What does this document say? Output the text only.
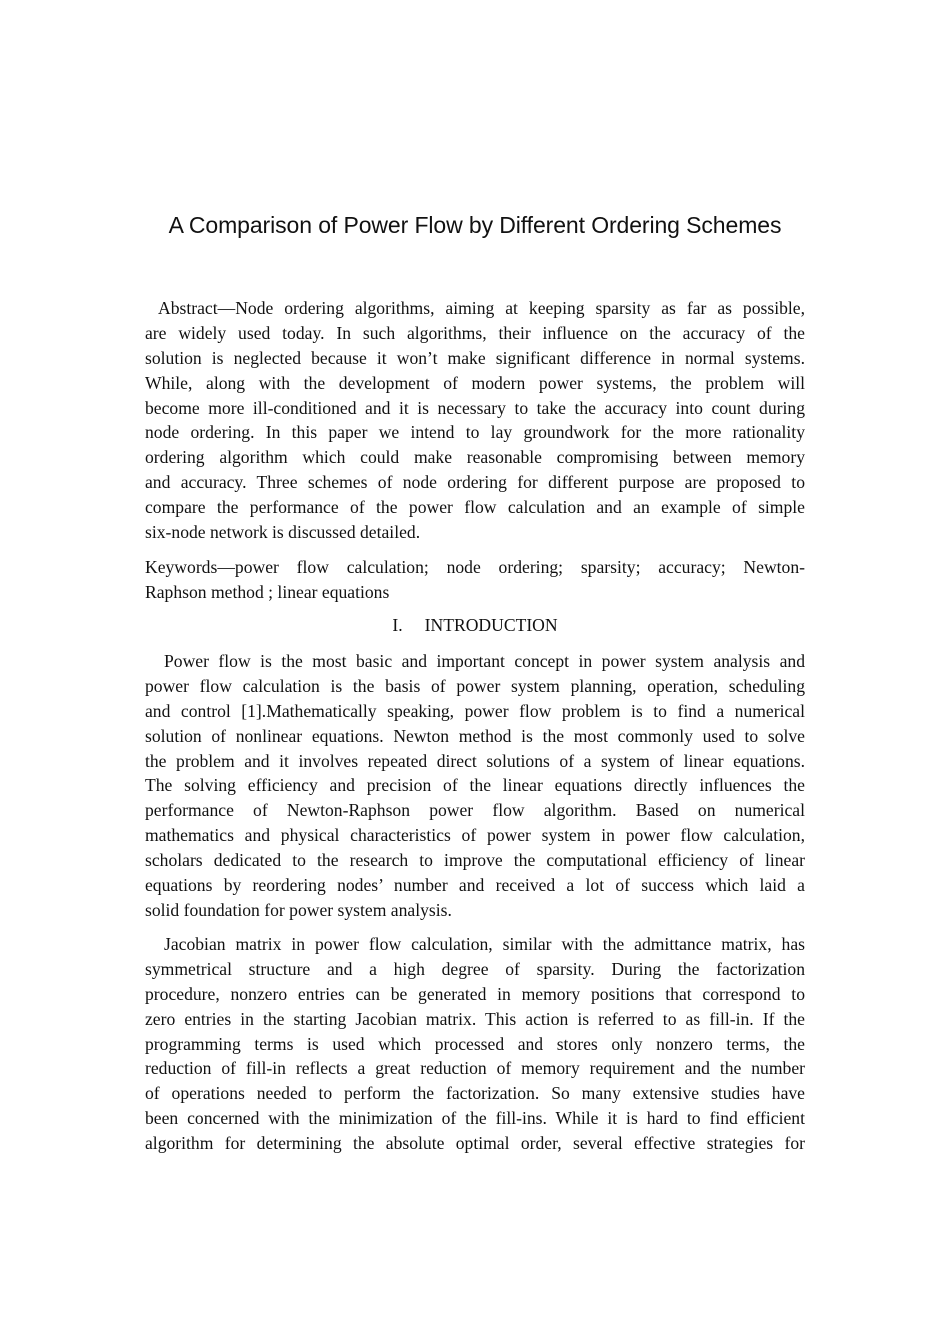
A Comparison of Power Flow by Different Ordering Schemes
Abstract—Node ordering algorithms, aiming at keeping sparsity as far as possible,
are widely used today. In such algorithms, their influence on the accuracy of the
solution is neglected because it won’t make significant difference in normal systems.
While, along with the development of modern power systems, the problem will
become more ill-conditioned and it is necessary to take the accuracy into count during
node ordering. In this paper we intend to lay groundwork for the more rationality
ordering algorithm which could make reasonable compromising between memory
and accuracy. Three schemes of node ordering for different purpose are proposed to
compare the performance of the power flow calculation and an example of simple
six-node network is discussed detailed.
Keywords—power flow calculation; node ordering; sparsity; accuracy; Newton-
Raphson method ; linear equations
I. INTRODUCTION
Power flow is the most basic and important concept in power system analysis and
power flow calculation is the basis of power system planning, operation, scheduling
and control [1].Mathematically speaking, power flow problem is to find a numerical
solution of nonlinear equations. Newton method is the most commonly used to solve
the problem and it involves repeated direct solutions of a system of linear equations.
The solving efficiency and precision of the linear equations directly influences the
performance of Newton-Raphson power flow algorithm. Based on numerical
mathematics and physical characteristics of power system in power flow calculation,
scholars dedicated to the research to improve the computational efficiency of linear
equations by reordering nodes’ number and received a lot of success which laid a
solid foundation for power system analysis.
Jacobian matrix in power flow calculation, similar with the admittance matrix, has
symmetrical structure and a high degree of sparsity. During the factorization
procedure, nonzero entries can be generated in memory positions that correspond to
zero entries in the starting Jacobian matrix. This action is referred to as fill-in. If the
programming terms is used which processed and stores only nonzero terms, the
reduction of fill-in reflects a great reduction of memory requirement and the number
of operations needed to perform the factorization. So many extensive studies have
been concerned with the minimization of the fill-ins. While it is hard to find efficient
algorithm for determining the absolute optimal order, several effective strategies for
